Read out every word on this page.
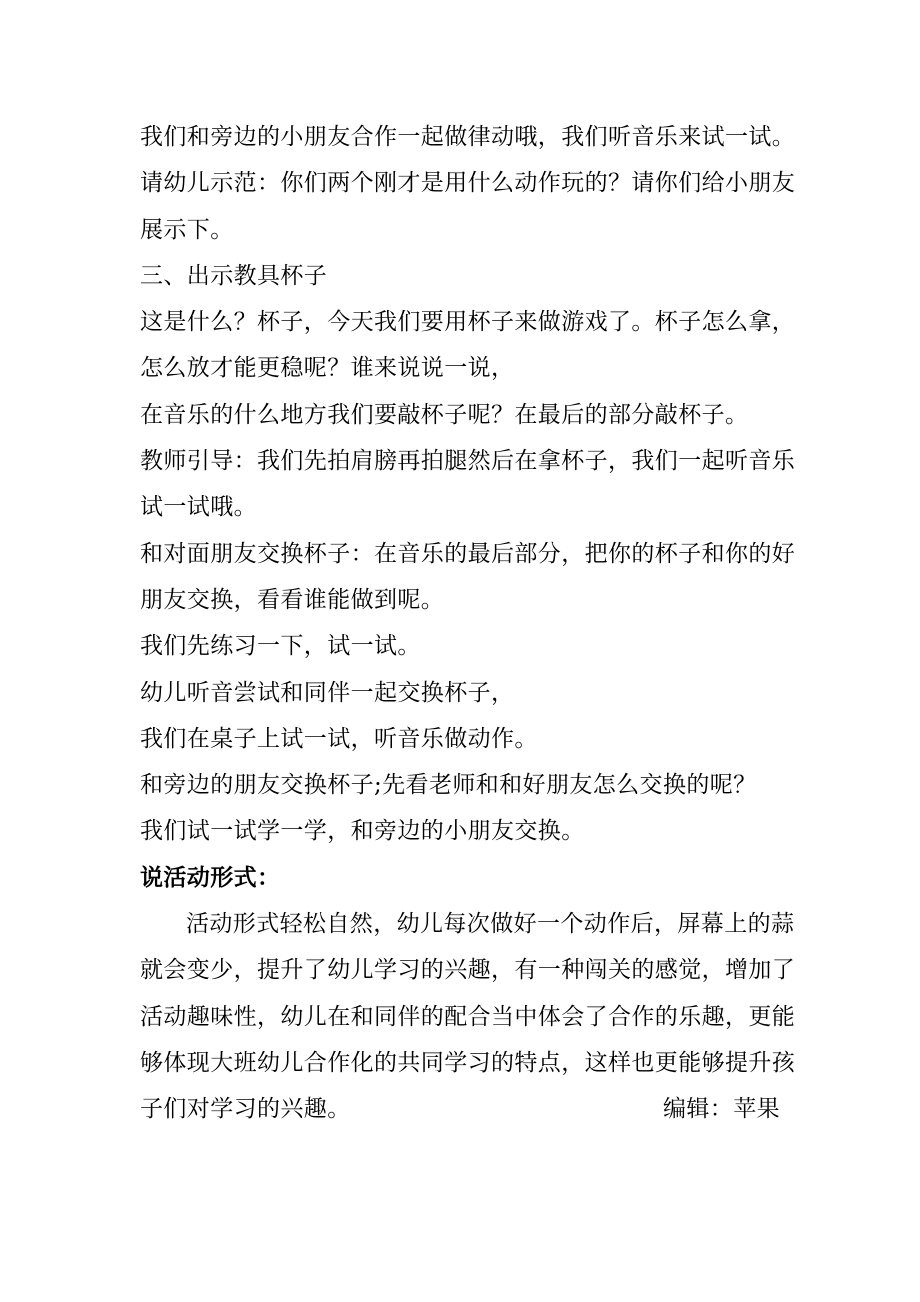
我们和旁边的小朋友合作一起做律动哦，我们听音乐来试一试。
请幼儿示范：你们两个刚才是用什么动作玩的？请你们给小朋友
展示下。
三、出示教具杯子
这是什么？杯子，今天我们要用杯子来做游戏了。杯子怎么拿，
怎么放才能更稳呢？谁来说说一说，
在音乐的什么地方我们要敲杯子呢？在最后的部分敲杯子。
教师引导：我们先拍肩膀再拍腿然后在拿杯子，我们一起听音乐
试一试哦。
和对面朋友交换杯子：在音乐的最后部分，把你的杯子和你的好
朋友交换，看看谁能做到呢。
我们先练习一下，试一试。
幼儿听音尝试和同伴一起交换杯子，
我们在桌子上试一试，听音乐做动作。
和旁边的朋友交换杯子;先看老师和和好朋友怎么交换的呢？
我们试一试学一学，和旁边的小朋友交换。
说活动形式：
活动形式轻松自然，幼儿每次做好一个动作后，屏幕上的蒜
就会变少，提升了幼儿学习的兴趣，有一种闯关的感觉，增加了
活动趣味性，幼儿在和同伴的配合当中体会了合作的乐趣，更能
够体现大班幼儿合作化的共同学习的特点，这样也更能够提升孩
子们对学习的兴趣。	编辑：苹果
